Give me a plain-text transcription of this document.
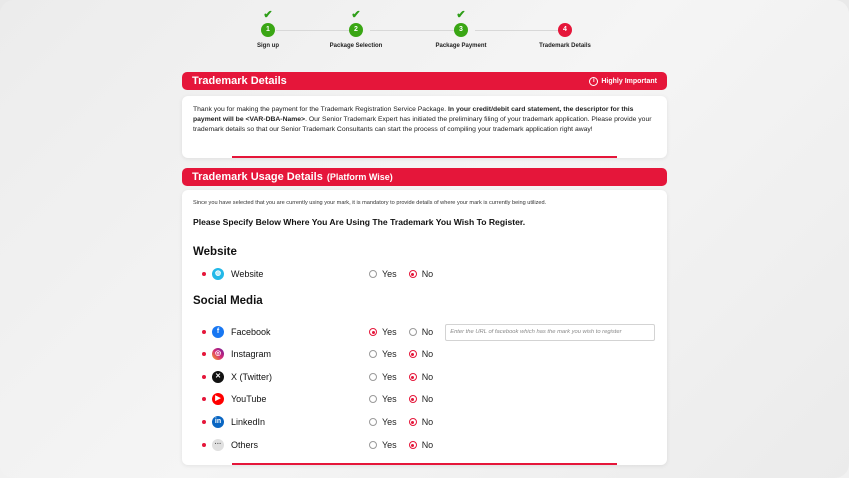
✔
1
Sign up
✔
2
Package Selection
✔
3
Package Payment
4
Trademark Details
Trademark Details	i Highly Important

Thank you for making the payment for the Trademark Registration Service Package. In your credit/debit card statement, the descriptor for this payment will be <VAR-DBA-Name>. Our Senior Trademark Expert has initiated the preliminary filing of your trademark application. Please provide your trademark details so that our Senior Trademark Consultants can start the process of compiling your trademark application right away!

Trademark Usage Details (Platform Wise)
Since you have selected that you are currently using your mark, it is mandatory to provide details of where your mark is currently being utilized.
Please Specify Below Where You Are Using The Trademark You Wish To Register.
Website
◍	Website	Yes	No
Social Media
f	Facebook	Yes	No
Enter the URL of facebook which has the mark you wish to register
◎	Instagram	Yes	No
✕	X (Twitter)	Yes	No
▶	YouTube	Yes	No
in	LinkedIn	Yes	No
··· Others	Yes	No
